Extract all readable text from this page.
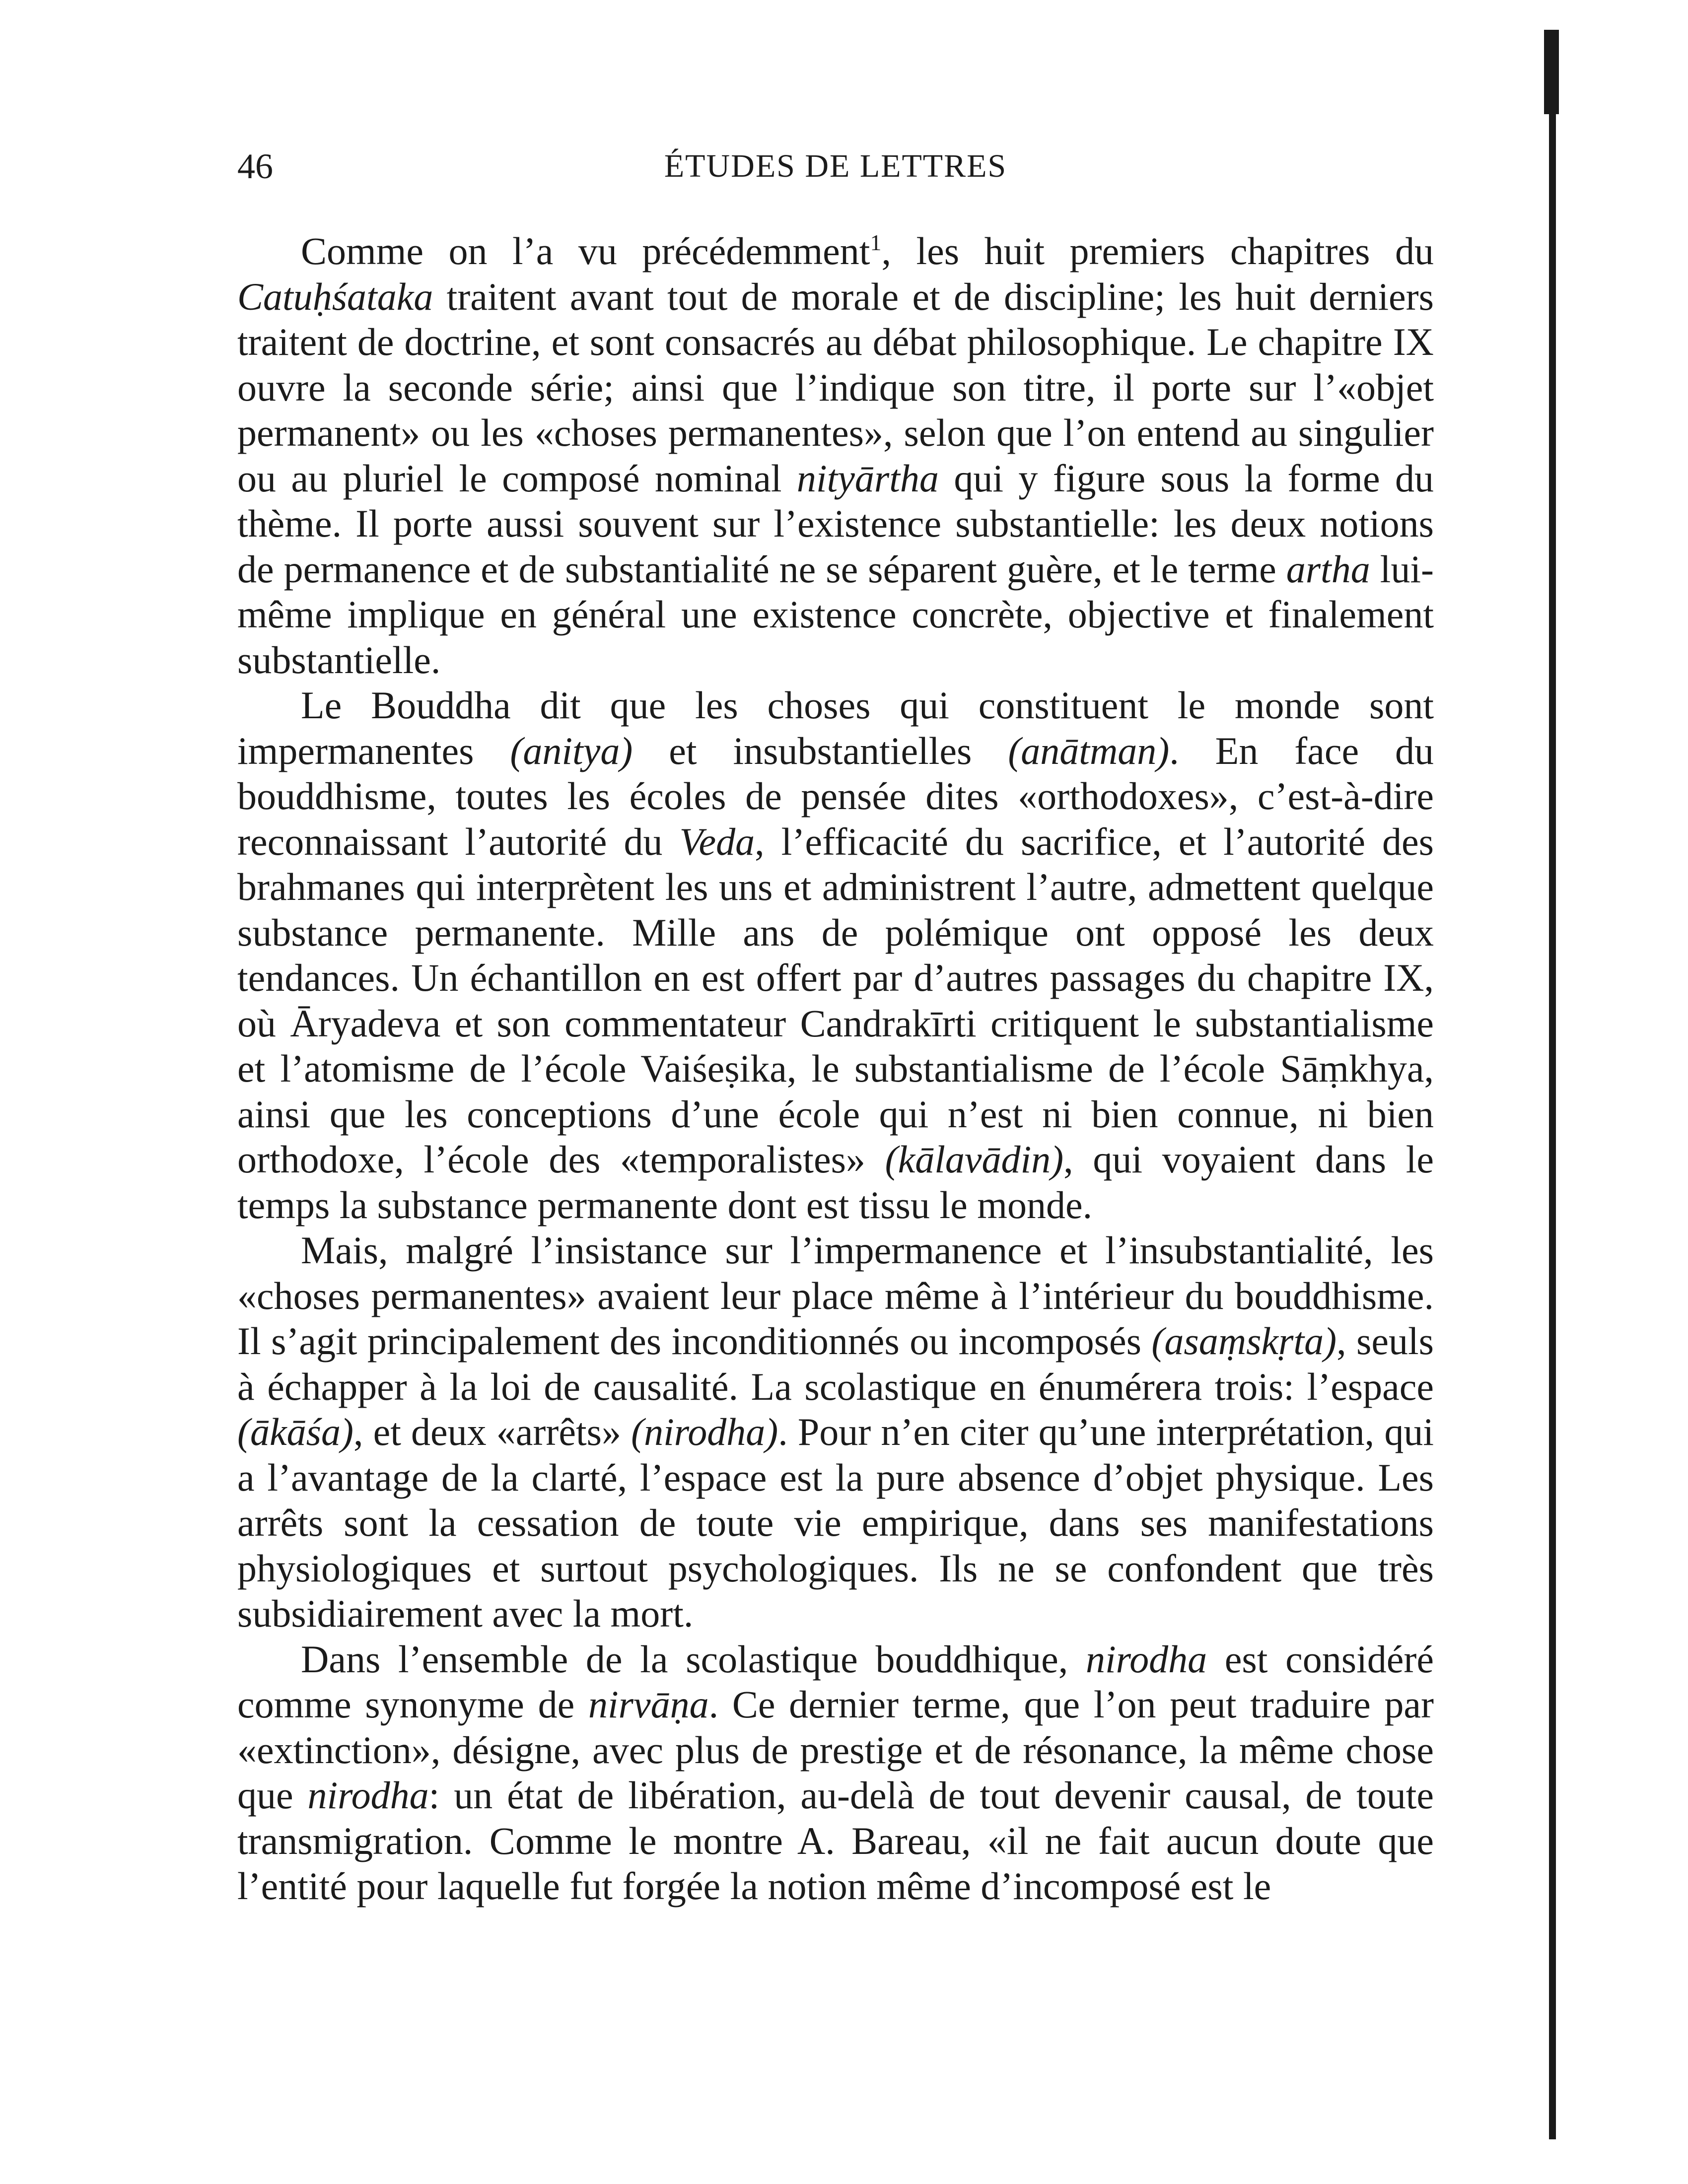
46	ÉTUDES DE LETTRES

Comme on l’a vu précédemment$^1$, les huit premiers chapitres du Catuḥśataka traitent avant tout de morale et de discipline; les huit derniers traitent de doctrine, et sont consacrés au débat philosophique. Le chapitre IX ouvre la seconde série; ainsi que l’indique son titre, il porte sur l’«objet permanent» ou les «choses permanentes», selon que l’on entend au singulier ou au pluriel le composé nominal nityārtha qui y figure sous la forme du thème. Il porte aussi souvent sur l’existence substantielle: les deux notions de permanence et de substantialité ne se séparent guère, et le terme artha lui-même implique en général une existence concrète, objective et finalement substantielle.

Le Bouddha dit que les choses qui constituent le monde sont impermanentes (anitya) et insubstantielles (anātman). En face du bouddhisme, toutes les écoles de pensée dites «orthodoxes», c’est-à-dire reconnaissant l’autorité du Veda, l’efficacité du sacrifice, et l’autorité des brahmanes qui interprètent les uns et administrent l’autre, admettent quelque substance permanente. Mille ans de polémique ont opposé les deux tendances. Un échantillon en est offert par d’autres passages du chapitre IX, où Āryadeva et son commentateur Candrakīrti critiquent le substantialisme et l’atomisme de l’école Vaiśeṣika, le substantialisme de l’école Sāṃkhya, ainsi que les conceptions d’une école qui n’est ni bien connue, ni bien orthodoxe, l’école des «temporalistes» (kālavādin), qui voyaient dans le temps la substance permanente dont est tissu le monde.

Mais, malgré l’insistance sur l’impermanence et l’insubstantialité, les «choses permanentes» avaient leur place même à l’intérieur du bouddhisme. Il s’agit principalement des inconditionnés ou incomposés (asaṃskṛta), seuls à échapper à la loi de causalité. La scolastique en énumérera trois: l’espace (ākāśa), et deux «arrêts» (nirodha). Pour n’en citer qu’une interprétation, qui a l’avantage de la clarté, l’espace est la pure absence d’objet physique. Les arrêts sont la cessation de toute vie empirique, dans ses manifestations physiologiques et surtout psychologiques. Ils ne se confondent que très subsidiairement avec la mort.

Dans l’ensemble de la scolastique bouddhique, nirodha est considéré comme synonyme de nirvāṇa. Ce dernier terme, que l’on peut traduire par «extinction», désigne, avec plus de prestige et de résonance, la même chose que nirodha: un état de libération, au-delà de tout devenir causal, de toute transmigration. Comme le montre A. Bareau, «il ne fait aucun doute que l’entité pour laquelle fut forgée la notion même d’incomposé est le
